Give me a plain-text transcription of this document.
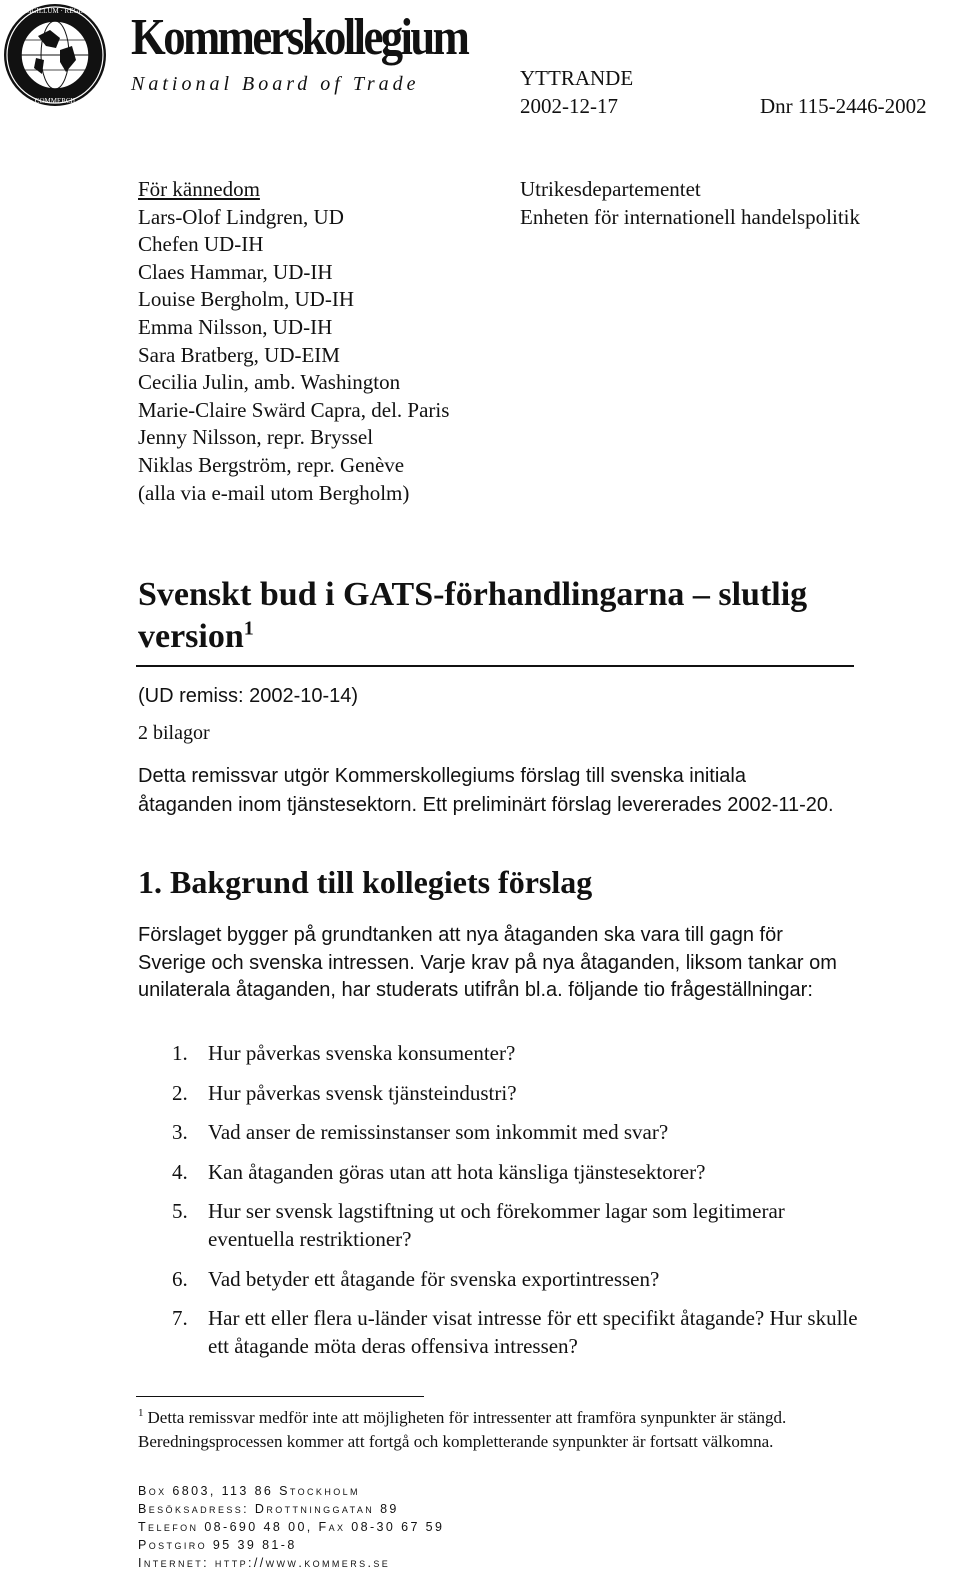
SIGILLUM · REGIS
· COMMERCII ·
Kommerskollegium
National Board of Trade	YTTRANDE
2002-12-17	Dnr 115-2446-2002
För kännedom
Lars-Olof Lindgren, UD
Chefen UD-IH
Claes Hammar, UD-IH
Louise Bergholm, UD-IH
Emma Nilsson, UD-IH
Sara Bratberg, UD-EIM
Cecilia Julin, amb. Washington
Marie-Claire Swärd Capra, del. Paris
Jenny Nilsson, repr. Bryssel
Niklas Bergström, repr. Genève
(alla via e-mail utom Bergholm)
Utrikesdepartementet
Enheten för internationell handelspolitik
Svenskt bud i GATS-förhandlingarna – slutlig version$^1$
(UD remiss: 2002-10-14)
2 bilagor
Detta remissvar utgör Kommerskollegiums förslag till svenska initiala åtaganden inom tjänstesektorn. Ett preliminärt förslag levererades 2002-11-20.
1. Bakgrund till kollegiets förslag
Förslaget bygger på grundtanken att nya åtaganden ska vara till gagn för Sverige och svenska intressen. Varje krav på nya åtaganden, liksom tankar om unilaterala åtaganden, har studerats utifrån bl.a. följande tio frågeställningar:
1. Hur påverkas svenska konsumenter?
2. Hur påverkas svensk tjänsteindustri?
3. Vad anser de remissinstanser som inkommit med svar?
4. Kan åtaganden göras utan att hota känsliga tjänstesektorer?
5. Hur ser svensk lagstiftning ut och förekommer lagar som legitimerar eventuella restriktioner?
6. Vad betyder ett åtagande för svenska exportintressen?
7. Har ett eller flera u-länder visat intresse för ett specifikt åtagande? Hur skulle ett åtagande möta deras offensiva intressen?
$^1$ Detta remissvar medför inte att möjligheten för intressenter att framföra synpunkter är stängd. Beredningsprocessen kommer att fortgå och kompletterande synpunkter är fortsatt välkomna.
Box 6803, 113 86 Stockholm
Besöksadress: Drottninggatan 89
Telefon 08-690 48 00, Fax 08-30 67 59
Postgiro 95 39 81-8
Internet: http://www.kommers.se
